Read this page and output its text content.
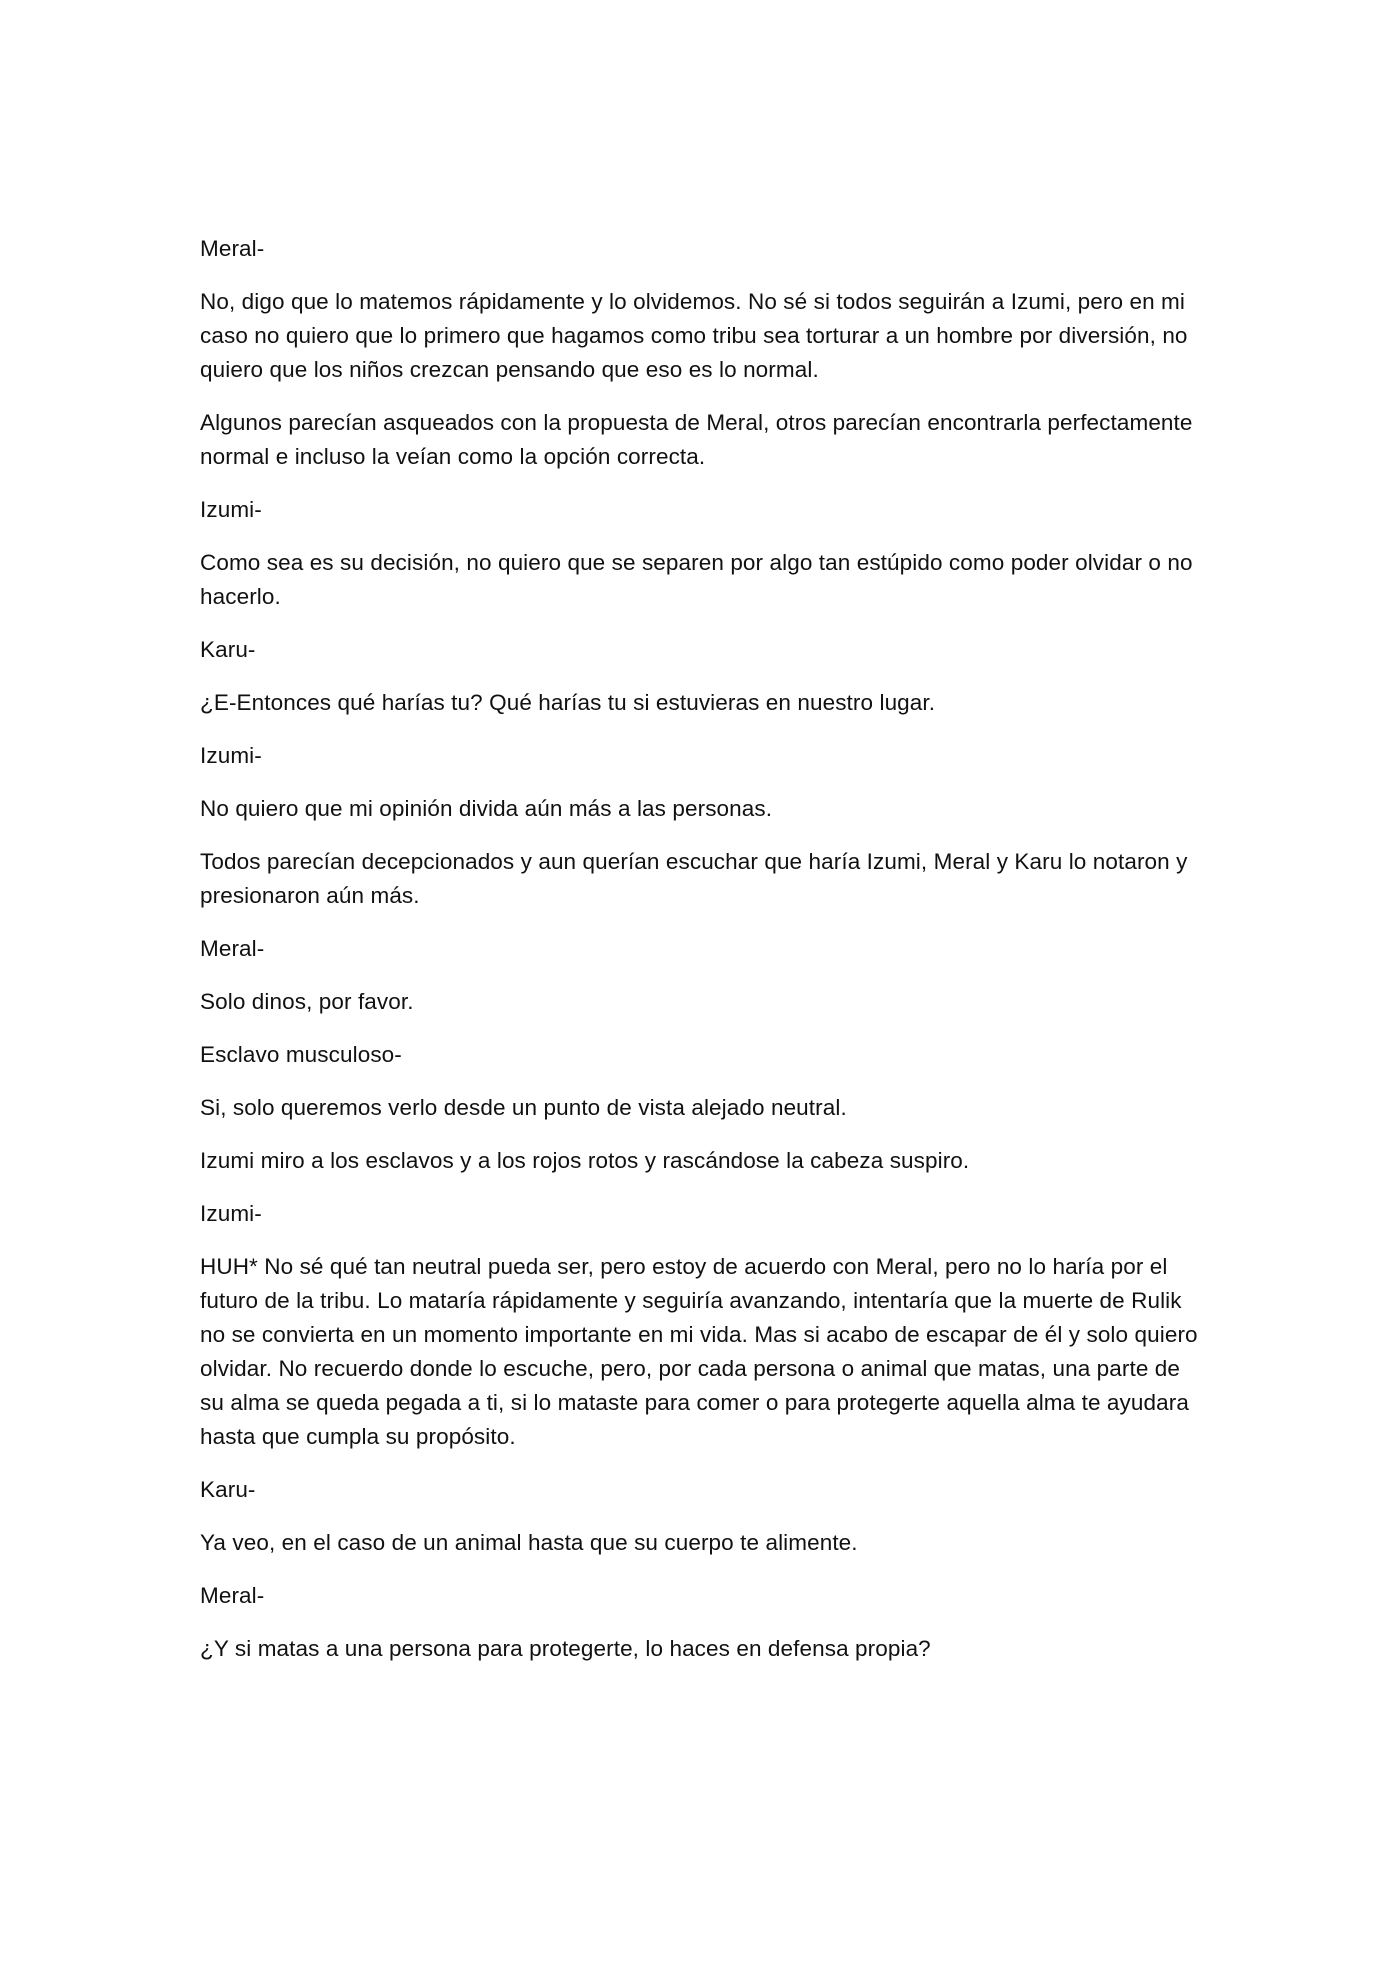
Meral-

No, digo que lo matemos rápidamente y lo olvidemos. No sé si todos seguirán a Izumi, pero en mi caso no quiero que lo primero que hagamos como tribu sea torturar a un hombre por diversión, no quiero que los niños crezcan pensando que eso es lo normal.

Algunos parecían asqueados con la propuesta de Meral, otros parecían encontrarla perfectamente normal e incluso la veían como la opción correcta.

Izumi-

Como sea es su decisión, no quiero que se separen por algo tan estúpido como poder olvidar o no hacerlo.

Karu-

¿E-Entonces qué harías tu? Qué harías tu si estuvieras en nuestro lugar.

Izumi-

No quiero que mi opinión divida aún más a las personas.

Todos parecían decepcionados y aun querían escuchar que haría Izumi, Meral y Karu lo notaron y presionaron aún más.

Meral-

Solo dinos, por favor.

Esclavo musculoso-

Si, solo queremos verlo desde un punto de vista alejado neutral.

Izumi miro a los esclavos y a los rojos rotos y rascándose la cabeza suspiro.

Izumi-

HUH* No sé qué tan neutral pueda ser, pero estoy de acuerdo con Meral, pero no lo haría por el futuro de la tribu. Lo mataría rápidamente y seguiría avanzando, intentaría que la muerte de Rulik no se convierta en un momento importante en mi vida. Mas si acabo de escapar de él y solo quiero olvidar. No recuerdo donde lo escuche, pero, por cada persona o animal que matas, una parte de su alma se queda pegada a ti, si lo mataste para comer o para protegerte aquella alma te ayudara hasta que cumpla su propósito.

Karu-

Ya veo, en el caso de un animal hasta que su cuerpo te alimente.

Meral-

¿Y si matas a una persona para protegerte, lo haces en defensa propia?
